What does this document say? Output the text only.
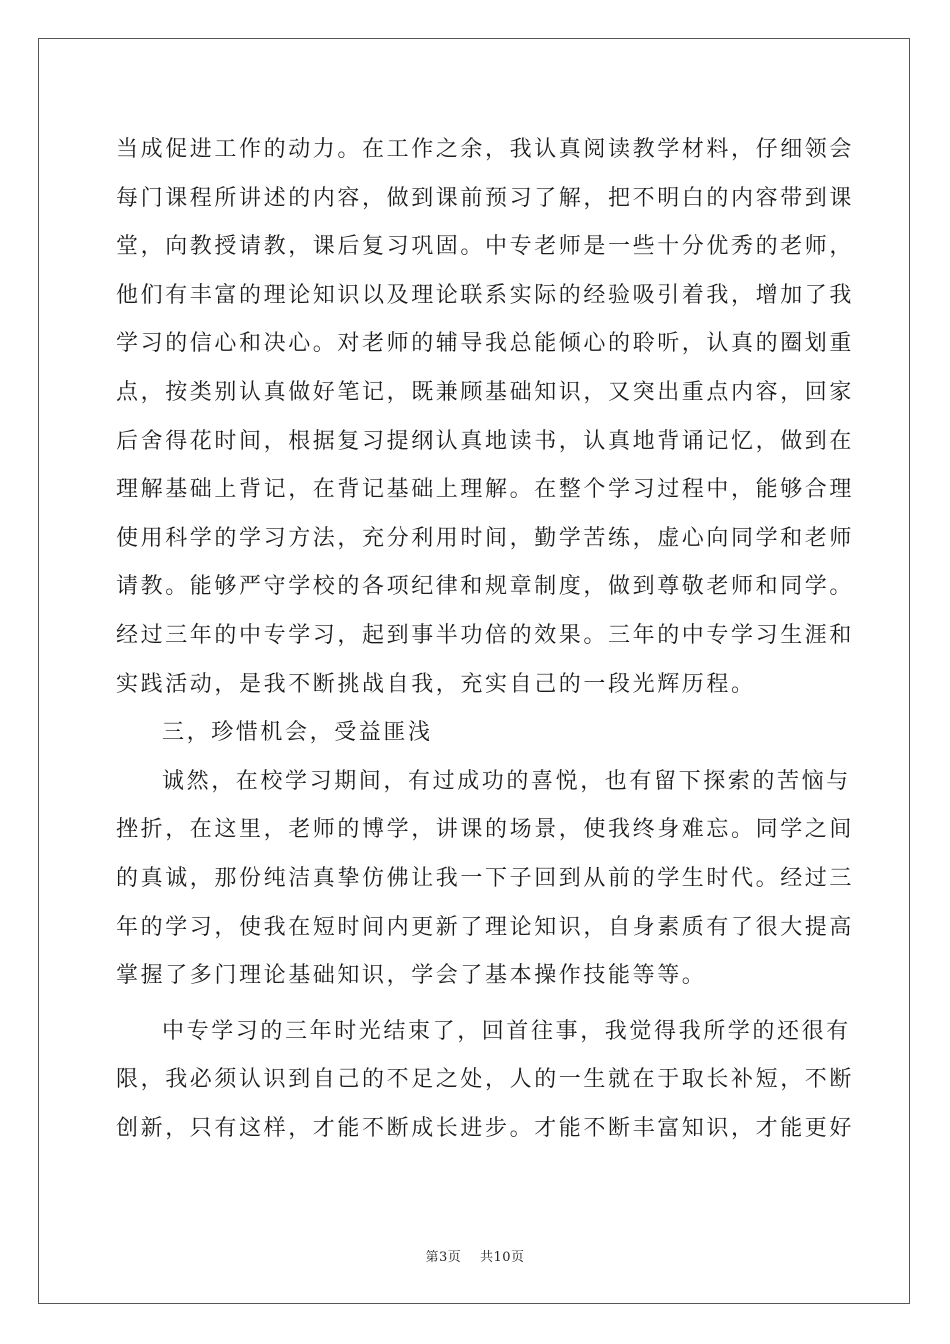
当成促进工作的动力。在工作之余，我认真阅读教学材料，仔细领会
每门课程所讲述的内容，做到课前预习了解，把不明白的内容带到课
堂，向教授请教，课后复习巩固。中专老师是一些十分优秀的老师，
他们有丰富的理论知识以及理论联系实际的经验吸引着我，增加了我
学习的信心和决心。对老师的辅导我总能倾心的聆听，认真的圈划重
点，按类别认真做好笔记，既兼顾基础知识，又突出重点内容，回家
后舍得花时间，根据复习提纲认真地读书，认真地背诵记忆，做到在
理解基础上背记，在背记基础上理解。在整个学习过程中，能够合理
使用科学的学习方法，充分利用时间，勤学苦练，虚心向同学和老师
请教。能够严守学校的各项纪律和规章制度，做到尊敬老师和同学。
经过三年的中专学习，起到事半功倍的效果。三年的中专学习生涯和
实践活动，是我不断挑战自我，充实自己的一段光辉历程。
三，珍惜机会，受益匪浅
诚然，在校学习期间，有过成功的喜悦，也有留下探索的苦恼与
挫折，在这里，老师的博学，讲课的场景，使我终身难忘。同学之间
的真诚，那份纯洁真挚仿佛让我一下子回到从前的学生时代。经过三
年的学习，使我在短时间内更新了理论知识，自身素质有了很大提高
掌握了多门理论基础知识，学会了基本操作技能等等。
中专学习的三年时光结束了，回首往事，我觉得我所学的还很有
限，我必须认识到自己的不足之处，人的一生就在于取长补短，不断
创新，只有这样，才能不断成长进步。才能不断丰富知识，才能更好
第3页 共10页
